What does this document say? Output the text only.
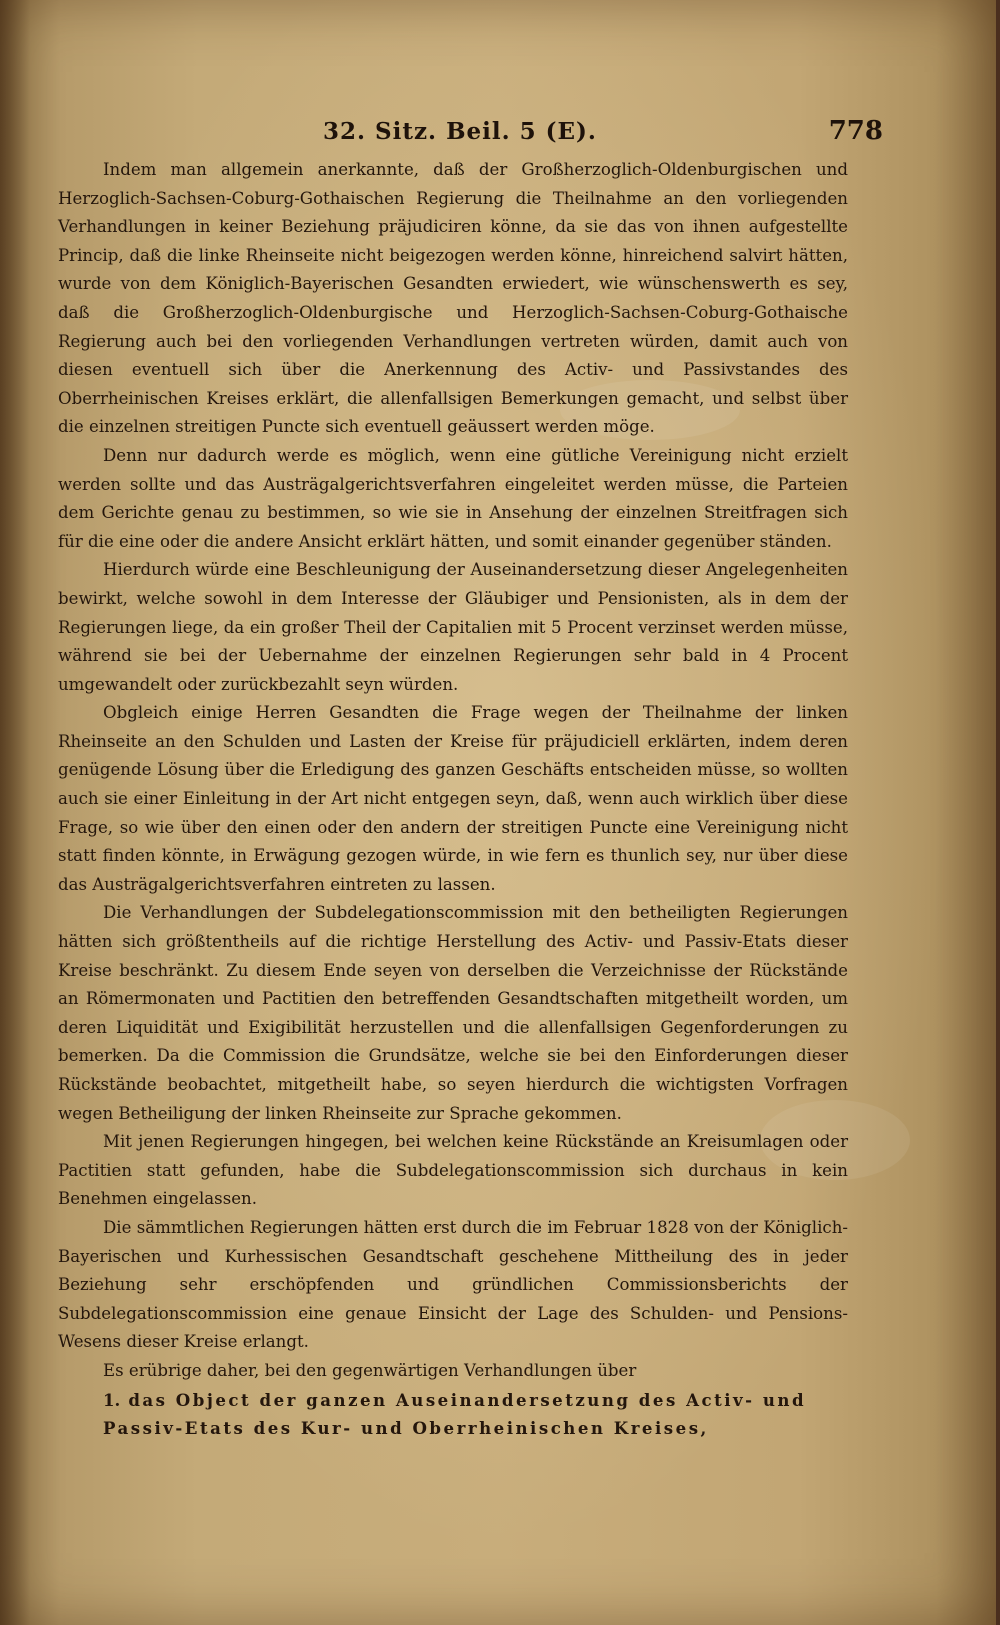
32. Sitz. Beil. 5 (E).	778

Indem man allgemein anerkannte, daß der Großherzoglich-Oldenburgischen und Herzoglich-Sachsen-Coburg-Gothaischen Regierung die Theilnahme an den vorliegenden Verhandlungen in keiner Beziehung präjudiciren könne, da sie das von ihnen aufgestellte Princip, daß die linke Rheinseite nicht beigezogen werden könne, hinreichend salvirt hätten, wurde von dem Königlich-Bayerischen Gesandten erwiedert, wie wünschenswerth es sey, daß die Großherzoglich-Oldenburgische und Herzoglich-Sachsen-Coburg-Gothaische Regierung auch bei den vorliegenden Verhandlungen vertreten würden, damit auch von diesen eventuell sich über die Anerkennung des Activ- und Passivstandes des Oberrheinischen Kreises erklärt, die allenfallsigen Bemerkungen gemacht, und selbst über die einzelnen streitigen Puncte sich eventuell geäussert werden möge.

Denn nur dadurch werde es möglich, wenn eine gütliche Vereinigung nicht erzielt werden sollte und das Austrägalgerichtsverfahren eingeleitet werden müsse, die Parteien dem Gerichte genau zu bestimmen, so wie sie in Ansehung der einzelnen Streitfragen sich für die eine oder die andere Ansicht erklärt hätten, und somit einander gegenüber ständen.

Hierdurch würde eine Beschleunigung der Auseinandersetzung dieser Angelegenheiten bewirkt, welche sowohl in dem Interesse der Gläubiger und Pensionisten, als in dem der Regierungen liege, da ein großer Theil der Capitalien mit 5 Procent verzinset werden müsse, während sie bei der Uebernahme der einzelnen Regierungen sehr bald in 4 Procent umgewandelt oder zurückbezahlt seyn würden.

Obgleich einige Herren Gesandten die Frage wegen der Theilnahme der linken Rheinseite an den Schulden und Lasten der Kreise für präjudiciell erklärten, indem deren genügende Lösung über die Erledigung des ganzen Geschäfts entscheiden müsse, so wollten auch sie einer Einleitung in der Art nicht entgegen seyn, daß, wenn auch wirklich über diese Frage, so wie über den einen oder den andern der streitigen Puncte eine Vereinigung nicht statt finden könnte, in Erwägung gezogen würde, in wie fern es thunlich sey, nur über diese das Austrägalgerichtsverfahren eintreten zu lassen.

Die Verhandlungen der Subdelegationscommission mit den betheiligten Regierungen hätten sich größtentheils auf die richtige Herstellung des Activ- und Passiv-Etats dieser Kreise beschränkt. Zu diesem Ende seyen von derselben die Verzeichnisse der Rückstände an Römermonaten und Pactitien den betreffenden Gesandtschaften mitgetheilt worden, um deren Liquidität und Exigibilität herzustellen und die allenfallsigen Gegenforderungen zu bemerken. Da die Commission die Grundsätze, welche sie bei den Einforderungen dieser Rückstände beobachtet, mitgetheilt habe, so seyen hierdurch die wichtigsten Vorfragen wegen Betheiligung der linken Rheinseite zur Sprache gekommen.

Mit jenen Regierungen hingegen, bei welchen keine Rückstände an Kreisumlagen oder Pactitien statt gefunden, habe die Subdelegationscommission sich durchaus in kein Benehmen eingelassen.

Die sämmtlichen Regierungen hätten erst durch die im Februar 1828 von der Königlich-Bayerischen und Kurhessischen Gesandtschaft geschehene Mittheilung des in jeder Beziehung sehr erschöpfenden und gründlichen Commissionsberichts der Subdelegationscommission eine genaue Einsicht der Lage des Schulden- und Pensions-Wesens dieser Kreise erlangt.

Es erübrige daher, bei den gegenwärtigen Verhandlungen über

1. das Object der ganzen Auseinandersetzung des Activ- und Passiv-Etats des Kur- und Oberrheinischen Kreises,
